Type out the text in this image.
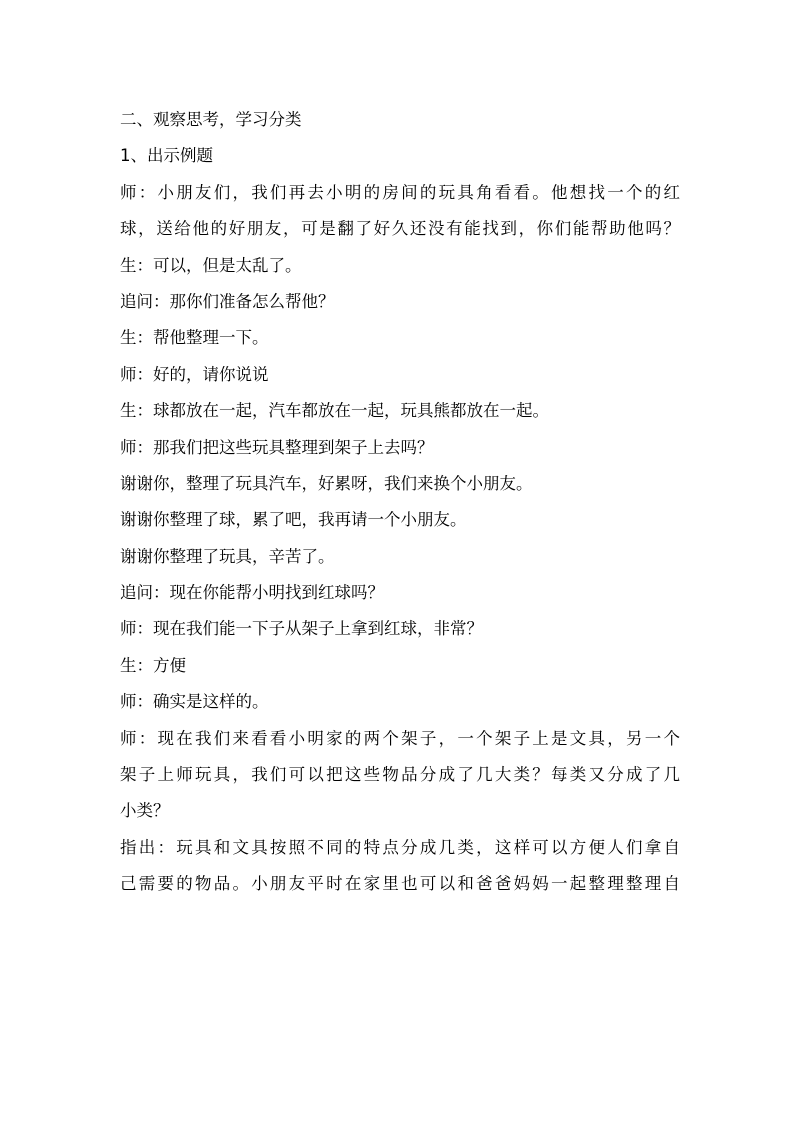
二、观察思考，学习分类
1、出示例题
师：小朋友们，我们再去小明的房间的玩具角看看。他想找一个的红
球，送给他的好朋友，可是翻了好久还没有能找到，你们能帮助他吗？
生：可以，但是太乱了。
追问：那你们准备怎么帮他？
生：帮他整理一下。
师：好的，请你说说
生：球都放在一起，汽车都放在一起，玩具熊都放在一起。
师：那我们把这些玩具整理到架子上去吗？
谢谢你，整理了玩具汽车，好累呀，我们来换个小朋友。
谢谢你整理了球，累了吧，我再请一个小朋友。
谢谢你整理了玩具，辛苦了。
追问：现在你能帮小明找到红球吗？
师：现在我们能一下子从架子上拿到红球，非常？
生：方便
师：确实是这样的。
师：现在我们来看看小明家的两个架子，一个架子上是文具，另一个
架子上师玩具，我们可以把这些物品分成了几大类？每类又分成了几
小类？
指出：玩具和文具按照不同的特点分成几类，这样可以方便人们拿自
己需要的物品。小朋友平时在家里也可以和爸爸妈妈一起整理整理自
